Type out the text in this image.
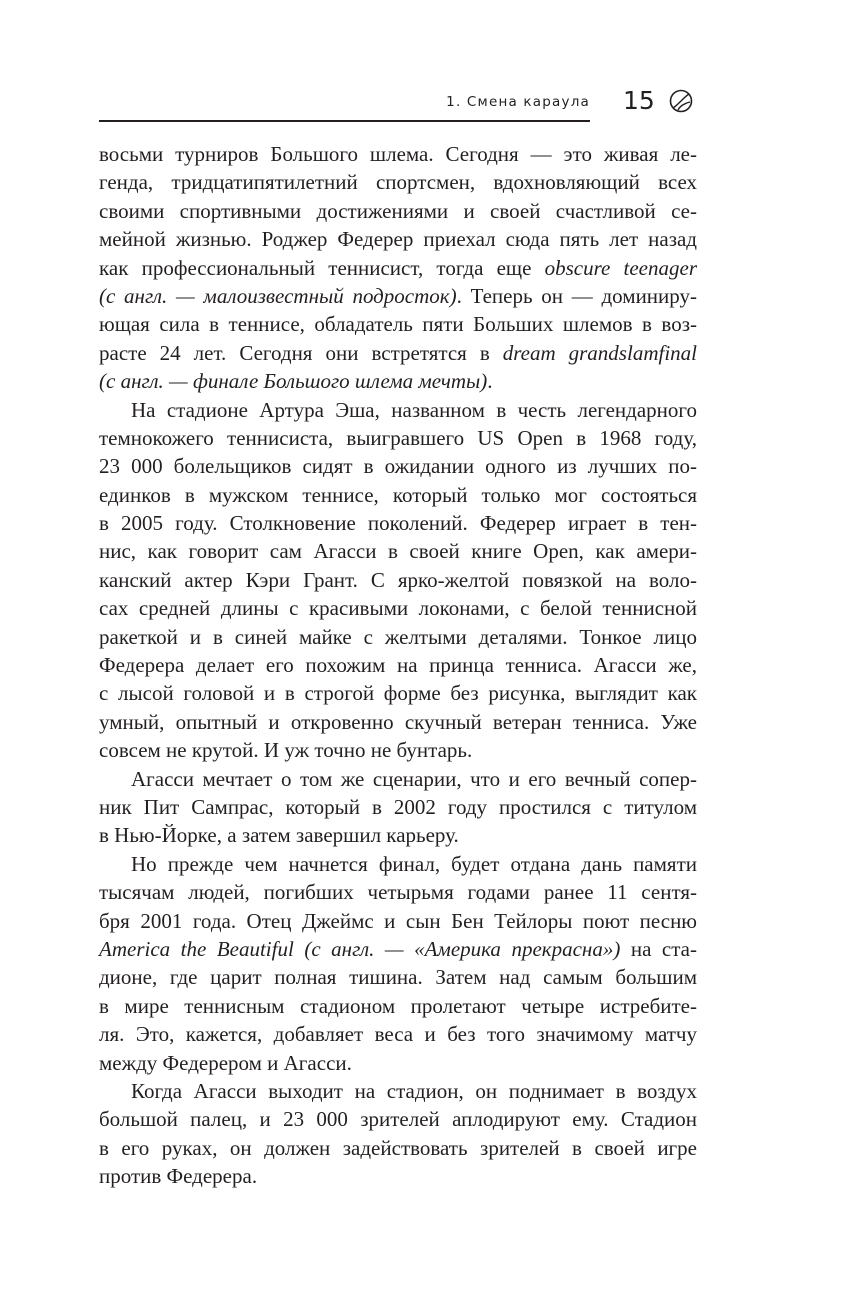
1. Смена караула 15
восьми турниров Большого шлема. Сегодня — это живая ле-
генда, тридцатипятилетний спортсмен, вдохновляющий всех
своими спортивными достижениями и своей счастливой се-
мейной жизнью. Роджер Федерер приехал сюда пять лет назад
как профессиональный теннисист, тогда еще obscure teenager
(с англ. — малоизвестный подросток). Теперь он — доминиру-
ющая сила в теннисе, обладатель пяти Больших шлемов в воз-
расте 24 лет. Сегодня они встретятся в dream grandslamfinal
(с англ. — финале Большого шлема мечты).
На стадионе Артура Эша, названном в честь легендарного
темнокожего теннисиста, выигравшего US Open в 1968 году,
23 000 болельщиков сидят в ожидании одного из лучших по-
единков в мужском теннисе, который только мог состояться
в 2005 году. Столкновение поколений. Федерер играет в тен-
нис, как говорит сам Агасси в своей книге Open, как амери-
канский актер Кэри Грант. С ярко-желтой повязкой на воло-
сах средней длины с красивыми локонами, с белой теннисной
ракеткой и в синей майке с желтыми деталями. Тонкое лицо
Федерера делает его похожим на принца тенниса. Агасси же,
с лысой головой и в строгой форме без рисунка, выглядит как
умный, опытный и откровенно скучный ветеран тенниса. Уже
совсем не крутой. И уж точно не бунтарь.
Агасси мечтает о том же сценарии, что и его вечный сопер-
ник Пит Сампрас, который в 2002 году простился с титулом
в Нью-Йорке, а затем завершил карьеру.
Но прежде чем начнется финал, будет отдана дань памяти
тысячам людей, погибших четырьмя годами ранее 11 сентя-
бря 2001 года. Отец Джеймс и сын Бен Тейлоры поют песню
America the Beautiful (с англ. — «Америка прекрасна») на ста-
дионе, где царит полная тишина. Затем над самым большим
в мире теннисным стадионом пролетают четыре истребите-
ля. Это, кажется, добавляет веса и без того значимому матчу
между Федерером и Агасси.
Когда Агасси выходит на стадион, он поднимает в воздух
большой палец, и 23 000 зрителей аплодируют ему. Стадион
в его руках, он должен задействовать зрителей в своей игре
против Федерера.
